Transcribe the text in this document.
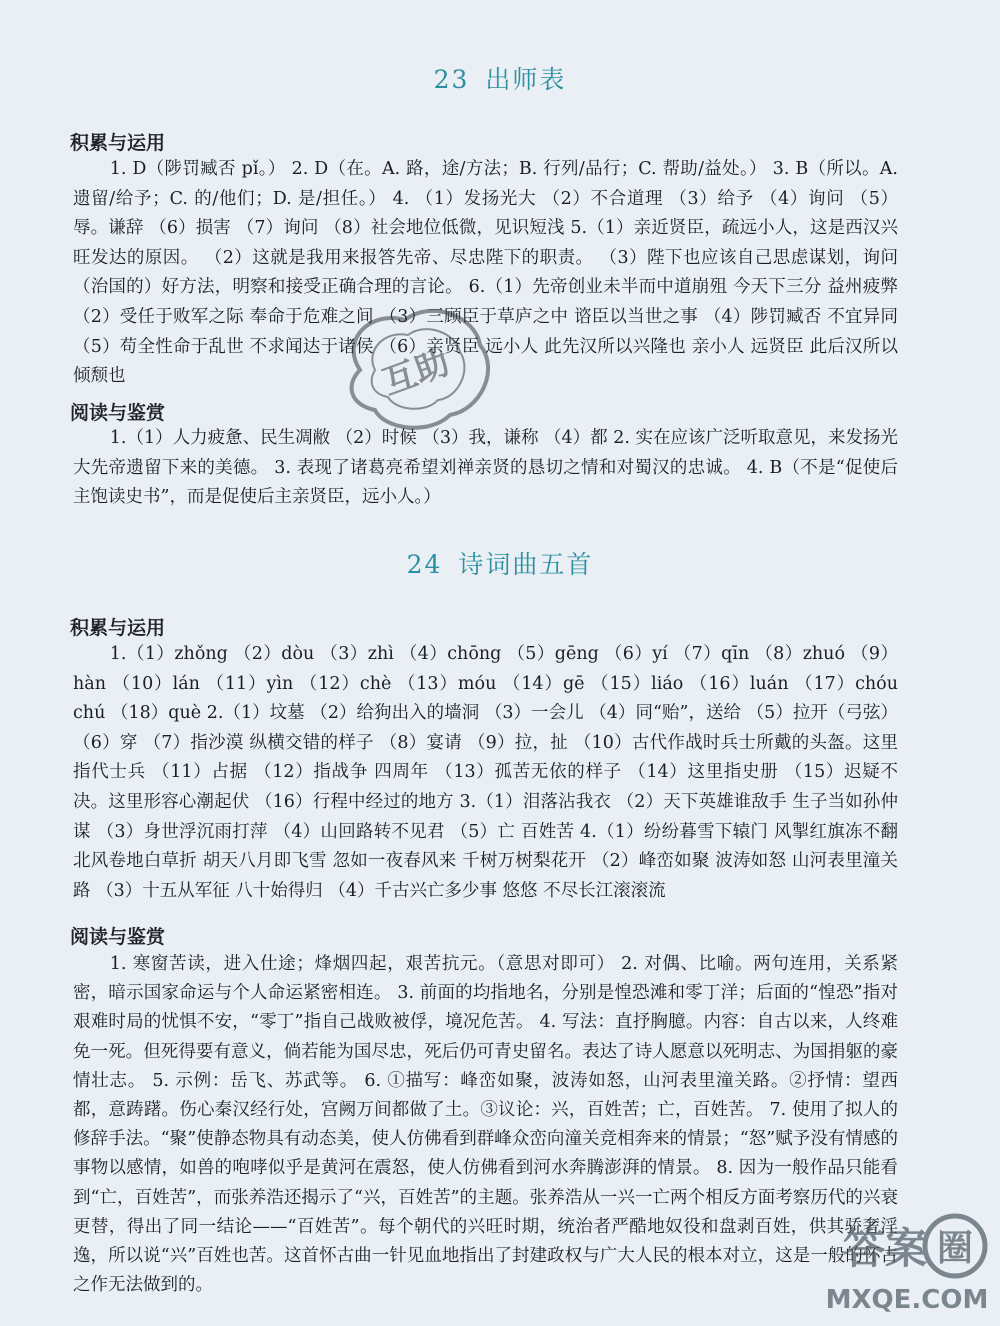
23 出师表
积累与运用
1. D（陟罚臧否 pǐ。） 2. D（在。A. 路，途/方法；B. 行列/品行；C. 帮助/益处。） 3. B（所以。A. 遗留/给予；C. 的/他们；D. 是/担任。） 4. （1）发扬光大 （2）不合道理 （3）给予 （4）询问 （5）辱。谦辞 （6）损害 （7）询问 （8）社会地位低微，见识短浅 5.（1）亲近贤臣，疏远小人，这是西汉兴旺发达的原因。 （2）这就是我用来报答先帝、尽忠陛下的职责。 （3）陛下也应该自己思虑谋划，询问（治国的）好方法，明察和接受正确合理的言论。 6.（1）先帝创业未半而中道崩殂 今天下三分 益州疲弊 （2）受任于败军之际 奉命于危难之间 （3）三顾臣于草庐之中 谘臣以当世之事 （4）陟罚臧否 不宜异同 （5）苟全性命于乱世 不求闻达于诸侯 （6）亲贤臣 远小人 此先汉所以兴隆也 亲小人 远贤臣 此后汉所以倾颓也
阅读与鉴赏
1.（1）人力疲惫、民生凋敝 （2）时候 （3）我，谦称 （4）都 2. 实在应该广泛听取意见，来发扬光大先帝遗留下来的美德。 3. 表现了诸葛亮希望刘禅亲贤的恳切之情和对蜀汉的忠诚。 4. B（不是“促使后主饱读史书”，而是促使后主亲贤臣，远小人。）
24 诗词曲五首
积累与运用
1.（1）zhǒng （2）dòu （3）zhì （4）chōng （5）gēng （6）yí （7）qīn （8）zhuó （9）hàn （10）lán （11）yìn （12）chè （13）móu （14）gē （15）liáo （16）luán （17）chóu chú （18）què 2.（1）坟墓 （2）给狗出入的墙洞 （3）一会儿 （4）同“贻”，送给 （5）拉开（弓弦） （6）穿 （7）指沙漠 纵横交错的样子 （8）宴请 （9）拉，扯 （10）古代作战时兵士所戴的头盔。这里指代士兵 （11）占据 （12）指战争 四周年 （13）孤苦无依的样子 （14）这里指史册 （15）迟疑不决。这里形容心潮起伏 （16）行程中经过的地方 3.（1）泪落沾我衣 （2）天下英雄谁敌手 生子当如孙仲谋 （3）身世浮沉雨打萍 （4）山回路转不见君 （5）亡 百姓苦 4.（1）纷纷暮雪下辕门 风掣红旗冻不翻 北风卷地白草折 胡天八月即飞雪 忽如一夜春风来 千树万树梨花开 （2）峰峦如聚 波涛如怒 山河表里潼关路 （3）十五从军征 八十始得归 （4）千古兴亡多少事 悠悠 不尽长江滚滚流
阅读与鉴赏
1. 寒窗苦读，进入仕途；烽烟四起，艰苦抗元。（意思对即可） 2. 对偶、比喻。两句连用，关系紧密，暗示国家命运与个人命运紧密相连。 3. 前面的均指地名，分别是惶恐滩和零丁洋；后面的“惶恐”指对艰难时局的忧惧不安，“零丁”指自己战败被俘，境况危苦。 4. 写法：直抒胸臆。内容：自古以来，人终难免一死。但死得要有意义，倘若能为国尽忠，死后仍可青史留名。表达了诗人愿意以死明志、为国捐躯的豪情壮志。 5. 示例：岳飞、苏武等。 6. ①描写：峰峦如聚，波涛如怒，山河表里潼关路。②抒情：望西都，意踌躇。伤心秦汉经行处，宫阙万间都做了土。③议论：兴，百姓苦；亡，百姓苦。 7. 使用了拟人的修辞手法。“聚”使静态物具有动态美，使人仿佛看到群峰众峦向潼关竞相奔来的情景；“怒”赋予没有情感的事物以感情，如兽的咆哮似乎是黄河在震怒，使人仿佛看到河水奔腾澎湃的情景。 8. 因为一般作品只能看到“亡，百姓苦”，而张养浩还揭示了“兴，百姓苦”的主题。张养浩从一兴一亡两个相反方面考察历代的兴衰更替，得出了同一结论——“百姓苦”。每个朝代的兴旺时期，统治者严酷地奴役和盘剥百姓，供其骄奢淫逸，所以说“兴”百姓也苦。这首怀古曲一针见血地指出了封建政权与广大人民的根本对立，这是一般的怀古之作无法做到的。
互助
答案 圈
MXQE.COM
